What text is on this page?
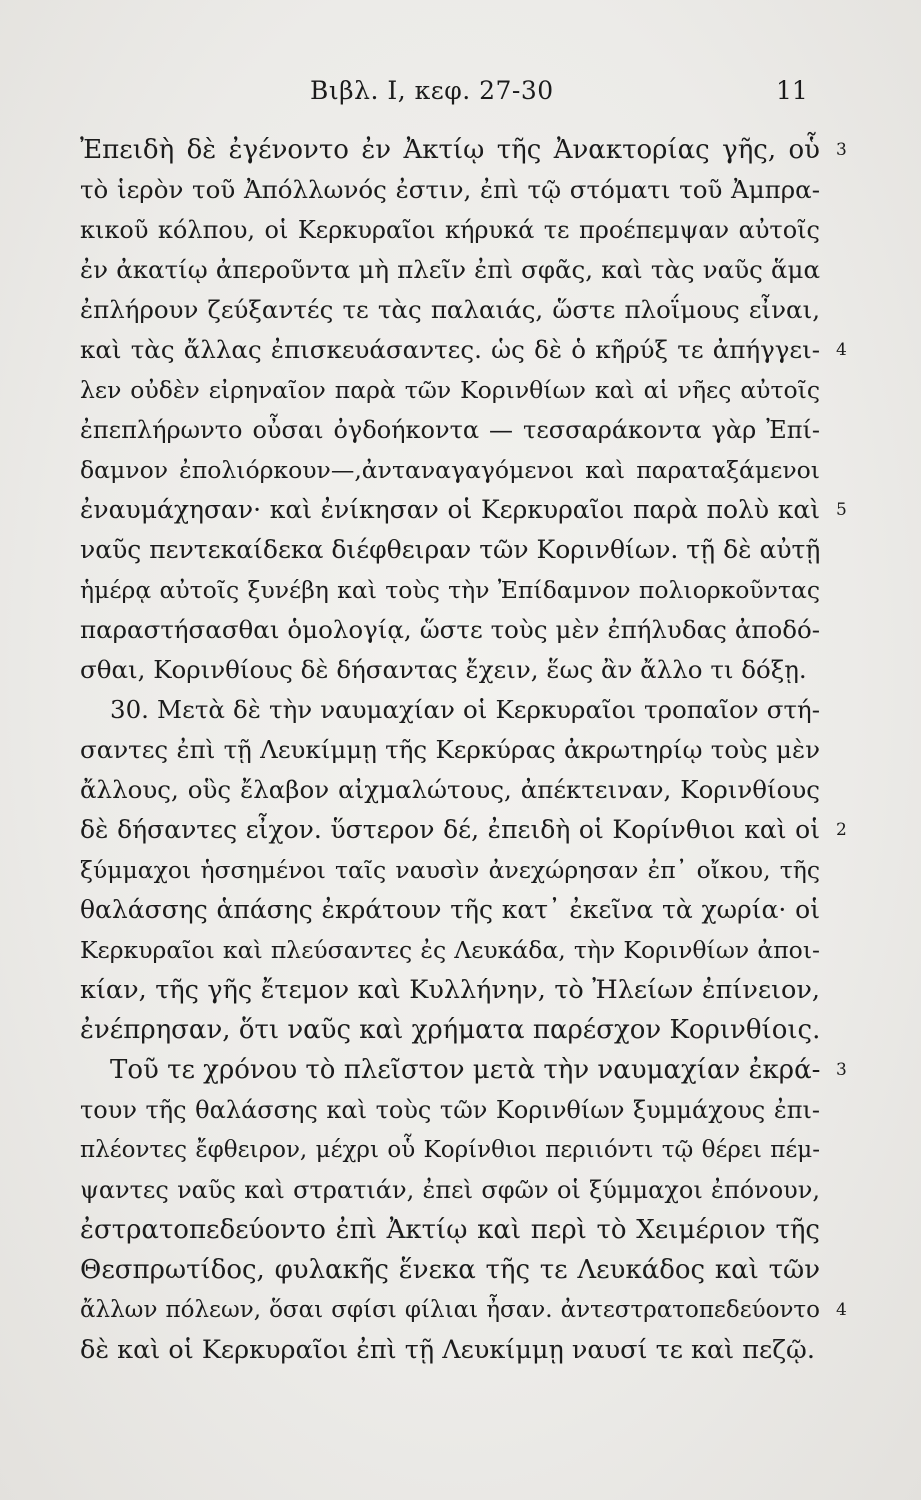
Βιβλ. Ι, κεφ. 27-30	11
Ἐπειδὴ δὲ ἐγένοντο ἐν Ἀκτίῳ τῆς Ἀνακτορίας γῆς, οὗ 3
τὸ ἱερὸν τοῦ Ἀπόλλωνός ἐστιν, ἐπὶ τῷ στόματι τοῦ Ἀμπρα-
κικοῦ κόλπου, οἱ Κερκυραῖοι κήρυκά τε προέπεμψαν αὐτοῖς
ἐν ἀκατίῳ ἀπεροῦντα μὴ πλεῖν ἐπὶ σφᾶς, καὶ τὰς ναῦς ἅμα
ἐπλήρουν ζεύξαντές τε τὰς παλαιάς, ὥστε πλοΐμους εἶναι,
καὶ τὰς ἄλλας ἐπισκευάσαντες. ὡς δὲ ὁ κῆρύξ τε ἀπήγγει- 4
λεν οὐδὲν εἰρηναῖον παρὰ τῶν Κορινθίων καὶ αἱ νῆες αὐτοῖς
ἐπεπλήρωντο οὖσαι ὀγδοήκοντα — τεσσαράκοντα γὰρ Ἐπί-
δαμνον ἐπολιόρκουν—,ἀνταναγαγόμενοι καὶ παραταξάμενοι
ἐναυμάχησαν· καὶ ἐνίκησαν οἱ Κερκυραῖοι παρὰ πολὺ καὶ 5
ναῦς πεντεκαίδεκα διέφθειραν τῶν Κορινθίων. τῇ δὲ αὐτῇ
ἡμέρᾳ αὐτοῖς ξυνέβη καὶ τοὺς τὴν Ἐπίδαμνον πολιορκοῦντας
παραστήσασθαι ὁμολογίᾳ, ὥστε τοὺς μὲν ἐπήλυδας ἀποδό-
σθαι, Κορινθίους δὲ δήσαντας ἔχειν, ἕως ἂν ἄλλο τι δόξῃ.
30. Μετὰ δὲ τὴν ναυμαχίαν οἱ Κερκυραῖοι τροπαῖον στή-
σαντες ἐπὶ τῇ Λευκίμμῃ τῆς Κερκύρας ἀκρωτηρίῳ τοὺς μὲν
ἄλλους, οὓς ἔλαβον αἰχμαλώτους, ἀπέκτειναν, Κορινθίους
δὲ δήσαντες εἶχον. ὕστερον δέ, ἐπειδὴ οἱ Κορίνθιοι καὶ οἱ 2
ξύμμαχοι ἡσσημένοι ταῖς ναυσὶν ἀνεχώρησαν ἐπ᾽ οἴκου, τῆς
θαλάσσης ἁπάσης ἐκράτουν τῆς κατ᾽ ἐκεῖνα τὰ χωρία· οἱ
Κερκυραῖοι καὶ πλεύσαντες ἐς Λευκάδα, τὴν Κορινθίων ἀποι-
κίαν, τῆς γῆς ἔτεμον καὶ Κυλλήνην, τὸ Ἠλείων ἐπίνειον,
ἐνέπρησαν, ὅτι ναῦς καὶ χρήματα παρέσχον Κορινθίοις.
Τοῦ τε χρόνου τὸ πλεῖστον μετὰ τὴν ναυμαχίαν ἐκρά- 3
τουν τῆς θαλάσσης καὶ τοὺς τῶν Κορινθίων ξυμμάχους ἐπι-
πλέοντες ἔφθειρον, μέχρι οὗ Κορίνθιοι περιιόντι τῷ θέρει πέμ-
ψαντες ναῦς καὶ στρατιάν, ἐπεὶ σφῶν οἱ ξύμμαχοι ἐπόνουν,
ἐστρατοπεδεύοντο ἐπὶ Ἀκτίῳ καὶ περὶ τὸ Χειμέριον τῆς
Θεσπρωτίδος, φυλακῆς ἕνεκα τῆς τε Λευκάδος καὶ τῶν
ἄλλων πόλεων, ὅσαι σφίσι φίλιαι ἦσαν. ἀντεστρατοπεδεύοντο 4
δὲ καὶ οἱ Κερκυραῖοι ἐπὶ τῇ Λευκίμμῃ ναυσί τε καὶ πεζῷ.
